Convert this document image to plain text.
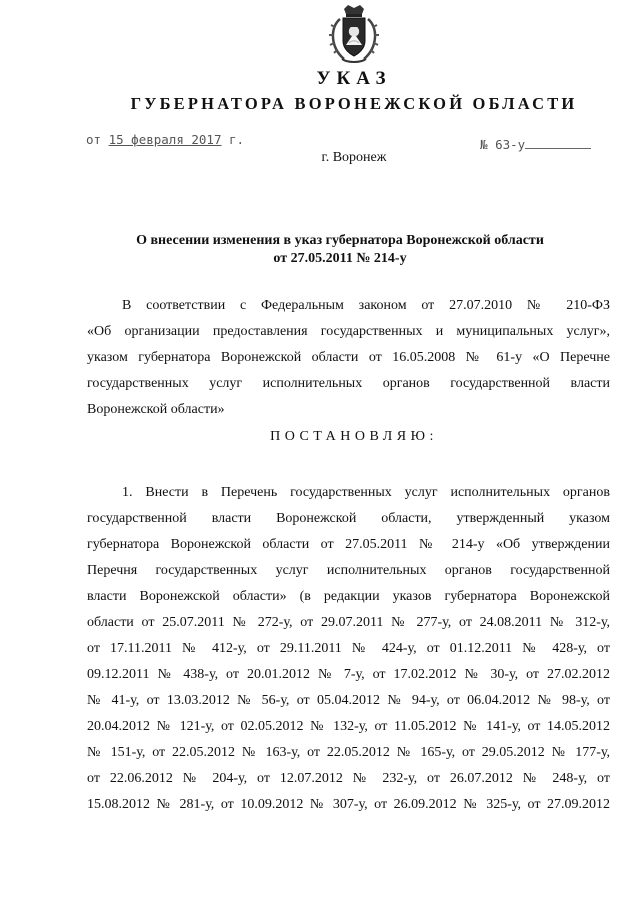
УКАЗ
ГУБЕРНАТОРА ВОРОНЕЖСКОЙ ОБЛАСТИ
от 15 февраля 2017 г.	№ 63-у
г. Воронеж
О внесении изменения в указ губернатора Воронежской области
от 27.05.2011 № 214-у
В соответствии с Федеральным законом от 27.07.2010 № 210-ФЗ
«Об организации предоставления государственных и муниципальных услуг»,
указом губернатора Воронежской области от 16.05.2008 № 61-у «О Перечне
государственных услуг исполнительных органов государственной власти
Воронежской области»
ПОСТАНОВЛЯЮ:
1. Внести в Перечень государственных услуг исполнительных органов
государственной власти Воронежской области, утвержденный указом
губернатора Воронежской области от 27.05.2011 № 214-у «Об утверждении
Перечня государственных услуг исполнительных органов государственной
власти Воронежской области» (в редакции указов губернатора Воронежской
области от 25.07.2011 № 272-у, от 29.07.2011 № 277-у, от 24.08.2011 № 312-у,
от 17.11.2011 № 412-у, от 29.11.2011 № 424-у, от 01.12.2011 № 428-у, от
09.12.2011 № 438-у, от 20.01.2012 № 7-у, от 17.02.2012 № 30-у, от 27.02.2012
№ 41-у, от 13.03.2012 № 56-у, от 05.04.2012 № 94-у, от 06.04.2012 № 98-у, от
20.04.2012 № 121-у, от 02.05.2012 № 132-у, от 11.05.2012 № 141-у, от 14.05.2012
№ 151-у, от 22.05.2012 № 163-у, от 22.05.2012 № 165-у, от 29.05.2012 № 177-у,
от 22.06.2012 № 204-у, от 12.07.2012 № 232-у, от 26.07.2012 № 248-у, от
15.08.2012 № 281-у, от 10.09.2012 № 307-у, от 26.09.2012 № 325-у, от 27.09.2012
